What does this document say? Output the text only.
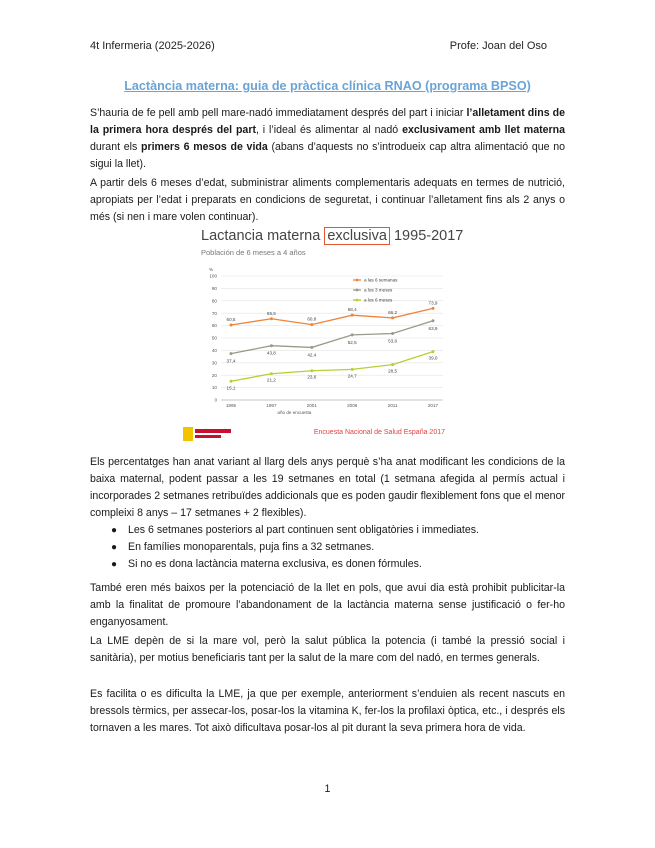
4t Infermeria (2025-2026)	Profe: Joan del Oso
Lactància materna: guia de pràctica clínica RNAO (programa BPSO)

S’hauria de fe pell amb pell mare-nadó immediatament després del part i iniciar l’alletament dins de la primera hora després del part, i l’ideal és alimentar al nadó exclusivament amb llet materna durant els primers 6 mesos de vida (abans d’aquests no s’introdueix cap altra alimentació que no sigui la llet).

A partir dels 6 meses d’edat, subministrar aliments complementaris adequats en termes de nutrició, apropiats per l’edat i preparats en condicions de seguretat, i continuar l’alletament fins als 2 anys o més (si nen i mare volen continuar).

Lactancia materna exclusiva 1995-2017
Población de 6 meses a 4 años
0
10
20
30
40
50
60
70
80
90
100
%
1995	1997	2001	2006	2011	2017
año de encuesta
60,5
65,5
60,8
68,4
66,2
73,9
37,4
43,8	42,4
52,5	53,6
63,9
15,1
21,2
23,6	24,7
28,5
39,0
a las 6 semanas
a los 3 meses
a los 6 meses
Encuesta Nacional de Salud España 2017

Els percentatges han anat variant al llarg dels anys perquè s’ha anat modificant les condicions de la baixa maternal, podent passar a les 19 setmanes en total (1 setmana afegida al permís actual i incorporades 2 setmanes retribuïdes addicionals que es poden gaudir flexiblement fons que el menor compleixi 8 anys – 17 setmanes + 2 flexibles).

● Les 6 setmanes posteriors al part continuen sent obligatòries i immediates.
● En famílies monoparentals, puja fins a 32 setmanes.
● Si no es dona lactància materna exclusiva, es donen fórmules.

També eren més baixos per la potenciació de la llet en pols, que avui dia està prohibit publicitar-la amb la finalitat de promoure l’abandonament de la lactància materna sense justificació o fer-ho enganyosament.

La LME depèn de si la mare vol, però la salut pública la potencia (i també la pressió social i sanitària), per motius beneficiaris tant per la salut de la mare com del nadó, en termes generals.

Es facilita o es dificulta la LME, ja que per exemple, anteriorment s’enduien als recent nascuts en bressols tèrmics, per assecar-los, posar-los la vitamina K, fer-los la profilaxi òptica, etc., i després els tornaven a les mares. Tot això dificultava posar-los al pit durant la seva primera hora de vida.

1
